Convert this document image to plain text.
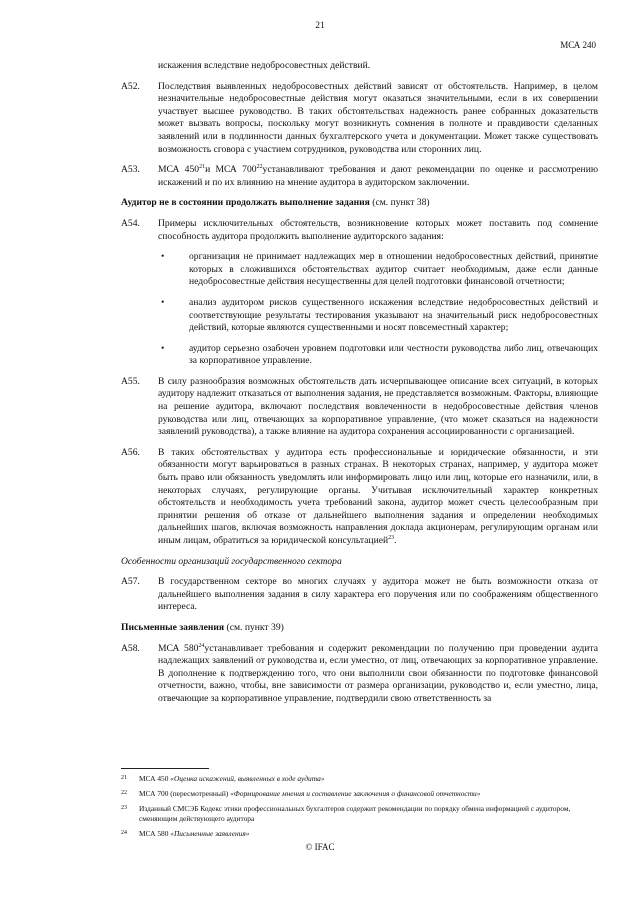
21
МСА 240

искажения вследствие недобросовестных действий.

A52. Последствия выявленных недобросовестных действий зависят от обстоятельств. Например, в целом незначительные недобросовестные действия могут оказаться значительными, если в их совершении участвует высшее руководство. В таких обстоятельствах надежность ранее собранных доказательств может вызвать вопросы, поскольку могут возникнуть сомнения в полноте и правдивости сделанных заявлений или в подлинности данных бухгалтерского учета и документации. Может также существовать возможность сговора с участием сотрудников, руководства или сторонних лиц.

A53. МСА $450^{21}и$ МСА $700^{22}устанавливают$ требования и дают рекомендации по оценке и рассмотрению искажений и по их влиянию на мнение аудитора в аудиторском заключении.

Аудитор не в состоянии продолжать выполнение задания (см. пункт 38)

A54. Примеры исключительных обстоятельств, возникновение которых может поставить под сомнение способность аудитора продолжить выполнение аудиторского задания:
•	организация не принимает надлежащих мер в отношении недобросовестных действий, принятие которых в сложившихся обстоятельствах аудитор считает необходимым, даже если данные недобросовестные действия несущественны для целей подготовки финансовой отчетности;
•	анализ аудитором рисков существенного искажения вследствие недобросовестных действий и соответствующие результаты тестирования указывают на значительный риск недобросовестных действий, которые являются существенными и носят повсеместный характер;
•	аудитор серьезно озабочен уровнем подготовки или честности руководства либо лиц, отвечающих за корпоративное управление.

A55. В силу разнообразия возможных обстоятельств дать исчерпывающее описание всех ситуаций, в которых аудитору надлежит отказаться от выполнения задания, не представляется возможным. Факторы, влияющие на решение аудитора, включают последствия вовлеченности в недобросовестные действия членов руководства или лиц, отвечающих за корпоративное управление, (что может сказаться на надежности заявлений руководства), а также влияние на аудитора сохранения ассоциированности с организацией.

A56. В таких обстоятельствах у аудитора есть профессиональные и юридические обязанности, и эти обязанности могут варьироваться в разных странах. В некоторых странах, например, у аудитора может быть право или обязанность уведомлять или информировать лицо или лиц, которые его назначили, или, в некоторых случаях, регулирующие органы. Учитывая исключительный характер конкретных обстоятельств и необходимость учета требований закона, аудитор может счесть целесообразным при принятии решения об отказе от дальнейшего выполнения задания и определении необходимых дальнейших шагов, включая возможность направления доклада акционерам, регулирующим органам или иным лицам, обратиться за юридической консультацией$^{23}$.

Особенности организаций государственного сектора

A57. В государственном секторе во многих случаях у аудитора может не быть возможности отказа от дальнейшего выполнения задания в силу характера его поручения или по соображениям общественного интереса.

Письменные заявления (см. пункт 39)

A58. МСА $580^{24}устанавливает$ требования и содержит рекомендации по получению при проведении аудита надлежащих заявлений от руководства и, если уместно, от лиц, отвечающих за корпоративное управление. В дополнение к подтверждению того, что они выполнили свои обязанности по подготовке финансовой отчетности, важно, чтобы, вне зависимости от размера организации, руководство и, если уместно, лица, отвечающие за корпоративное управление, подтвердили свою ответственность за

21 МСА 450 «Оценка искажений, выявленных в ходе аудита»
22 МСА 700 (пересмотренный) «Формирование мнения и составление заключения о финансовой отчетности»
23 Изданный СМСЭБ Кодекс этики профессиональных бухгалтеров содержит рекомендации по порядку обмена информацией с аудитором, сменяющим действующего аудитора
24 МСА 580 «Письменные заявления»
© IFAC
